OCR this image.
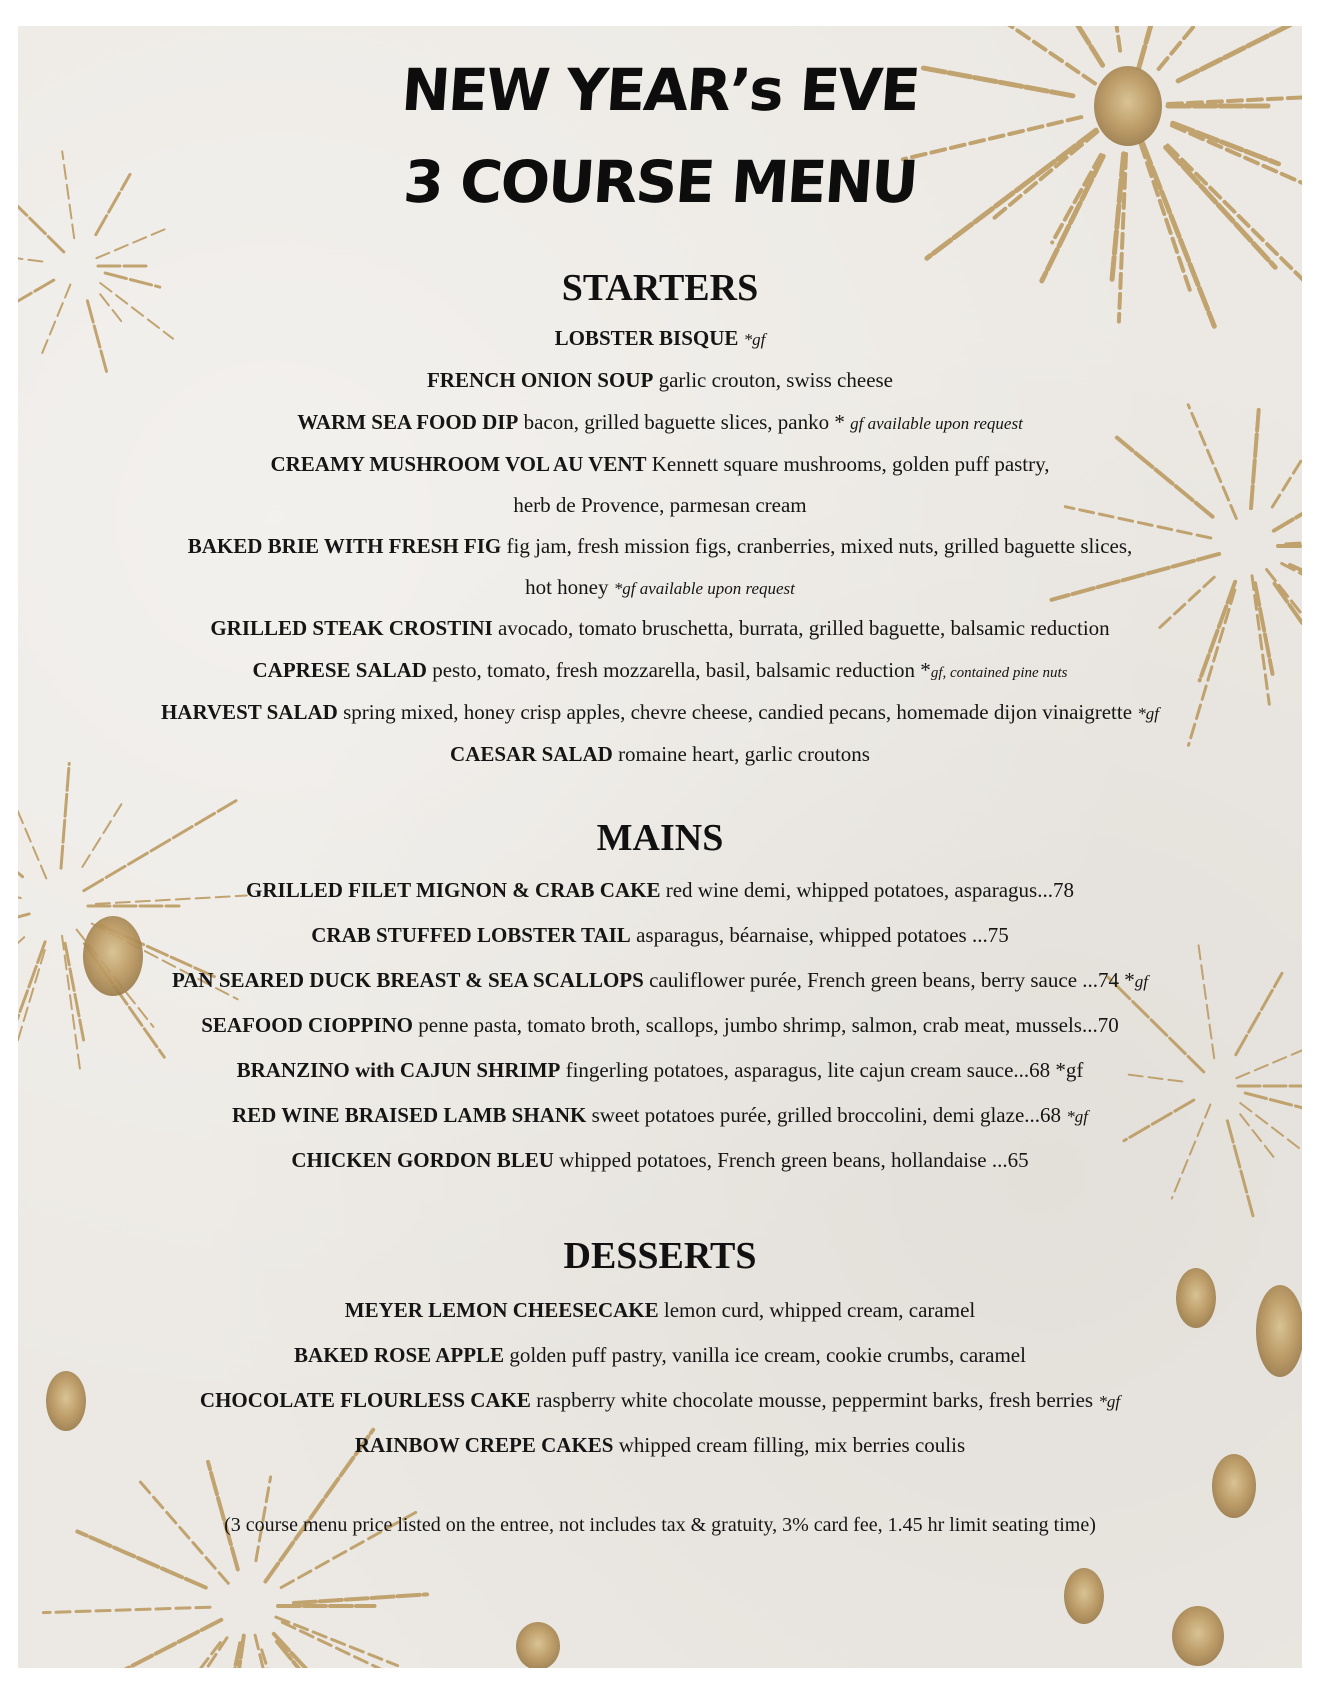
NEW YEAR’s EVE
3 COURSE MENU
STARTERS
LOBSTER BISQUE *gf
FRENCH ONION SOUP garlic crouton, swiss cheese
WARM SEA FOOD DIP bacon, grilled baguette slices, panko * gf available upon request
CREAMY MUSHROOM VOL AU VENT Kennett square mushrooms, golden puff pastry,
herb de Provence, parmesan cream
BAKED BRIE WITH FRESH FIG fig jam, fresh mission figs, cranberries, mixed nuts, grilled baguette slices,
hot honey *gf available upon request
GRILLED STEAK CROSTINI avocado, tomato bruschetta, burrata, grilled baguette, balsamic reduction
CAPRESE SALAD pesto, tomato, fresh mozzarella, basil, balsamic reduction *gf, contained pine nuts
HARVEST SALAD spring mixed, honey crisp apples, chevre cheese, candied pecans, homemade dijon vinaigrette *gf
CAESAR SALAD romaine heart, garlic croutons
MAINS
GRILLED FILET MIGNON & CRAB CAKE red wine demi, whipped potatoes, asparagus...78
CRAB STUFFED LOBSTER TAIL asparagus, béarnaise, whipped potatoes ...75
PAN SEARED DUCK BREAST & SEA SCALLOPS cauliflower purée, French green beans, berry sauce ...74 *gf
SEAFOOD CIOPPINO penne pasta, tomato broth, scallops, jumbo shrimp, salmon, crab meat, mussels...70
BRANZINO with CAJUN SHRIMP fingerling potatoes, asparagus, lite cajun cream sauce...68 *gf
RED WINE BRAISED LAMB SHANK sweet potatoes purée, grilled broccolini, demi glaze...68 *gf
CHICKEN GORDON BLEU whipped potatoes, French green beans, hollandaise ...65
DESSERTS
MEYER LEMON CHEESECAKE lemon curd, whipped cream, caramel
BAKED ROSE APPLE golden puff pastry, vanilla ice cream, cookie crumbs, caramel
CHOCOLATE FLOURLESS CAKE raspberry white chocolate mousse, peppermint barks, fresh berries *gf
RAINBOW CREPE CAKES whipped cream filling, mix berries coulis
(3 course menu price listed on the entree, not includes tax & gratuity, 3% card fee, 1.45 hr limit seating time)
